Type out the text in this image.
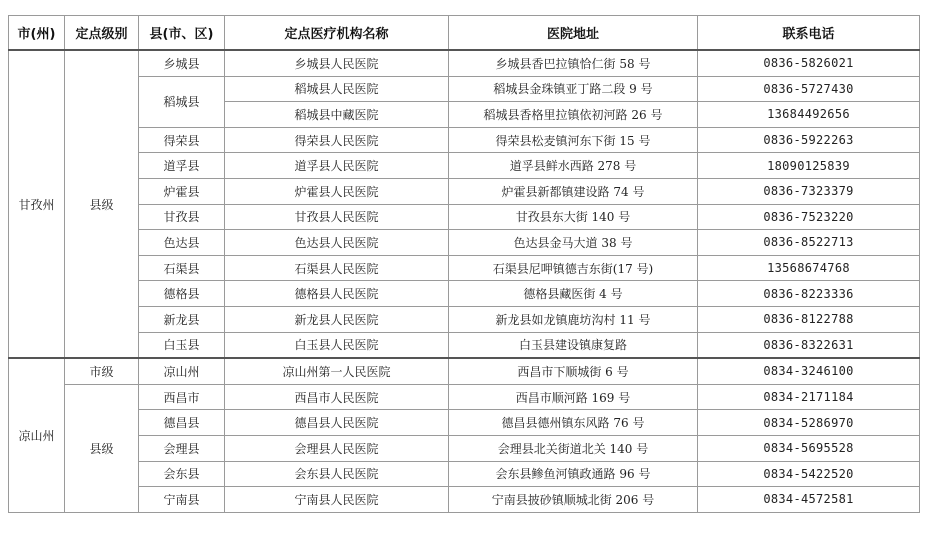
市(州)	定点级别	县(市、区)	定点医疗机构名称	医院地址	联系电话
甘孜州	县级	乡城县	乡城县人民医院	乡城县香巴拉镇恰仁街 58 号	0836-5826021
		稻城县	稻城县人民医院	稻城县金珠镇亚丁路二段 9 号	0836-5727430
			稻城县中藏医院	稻城县香格里拉镇依初河路 26 号	13684492656
		得荣县	得荣县人民医院	得荣县松麦镇河东下街 15 号	0836-5922263
		道孚县	道孚县人民医院	道孚县鲜水西路 278 号	18090125839
		炉霍县	炉霍县人民医院	炉霍县新都镇建设路 74 号	0836-7323379
		甘孜县	甘孜县人民医院	甘孜县东大街 140 号	0836-7523220
		色达县	色达县人民医院	色达县金马大道 38 号	0836-8522713
		石渠县	石渠县人民医院	石渠县尼呷镇德吉东街(17 号)	13568674768
		德格县	德格县人民医院	德格县藏医街 4 号	0836-8223336
		新龙县	新龙县人民医院	新龙县如龙镇鹿坊沟村 11 号	0836-8122788
		白玉县	白玉县人民医院	白玉县建设镇康复路	0836-8322631
凉山州	市级	凉山州	凉山州第一人民医院	西昌市下顺城街 6 号	0834-3246100
	县级	西昌市	西昌市人民医院	西昌市顺河路 169 号	0834-2171184
		德昌县	德昌县人民医院	德昌县德州镇东风路 76 号	0834-5286970
		会理县	会理县人民医院	会理县北关街道北关 140 号	0834-5695528
		会东县	会东县人民医院	会东县鲹鱼河镇政通路 96 号	0834-5422520
		宁南县	宁南县人民医院	宁南县披砂镇顺城北街 206 号	0834-4572581
